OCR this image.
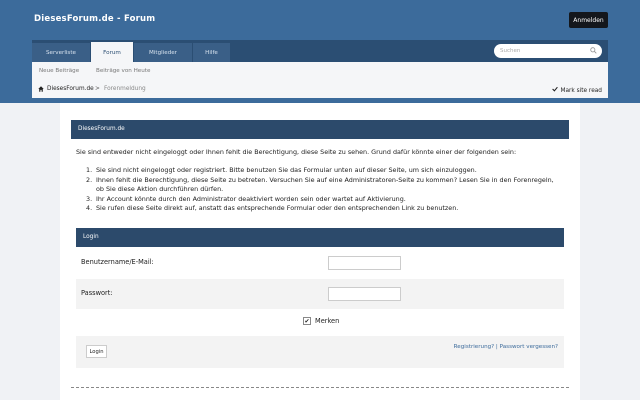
DiesesForum.de - Forum	Anmelden
Serverliste	Forum	Mitglieder	Hilfe	Suchen
Neue Beiträge	Beiträge von Heute
DiesesForum.de > Forenmeldung	Mark site read
DiesesForum.de
Sie sind entweder nicht eingeloggt oder Ihnen fehlt die Berechtigung, diese Seite zu sehen. Grund dafür könnte einer der folgenden sein:
1. Sie sind nicht eingeloggt oder registriert. Bitte benutzen Sie das Formular unten auf dieser Seite, um sich einzuloggen.
2. Ihnen fehlt die Berechtigung, diese Seite zu betreten. Versuchen Sie auf eine Administratoren-Seite zu kommen? Lesen Sie in den Forenregeln, ob Sie diese Aktion durchführen dürfen.
3. Ihr Account könnte durch den Administrator deaktiviert worden sein oder wartet auf Aktivierung.
4. Sie rufen diese Seite direkt auf, anstatt das entsprechende Formular oder den entsprechenden Link zu benutzen.
Login
Benutzername/E-Mail:
Passwort:
✔ Merken
Login
Registrierung? | Passwort vergessen?
